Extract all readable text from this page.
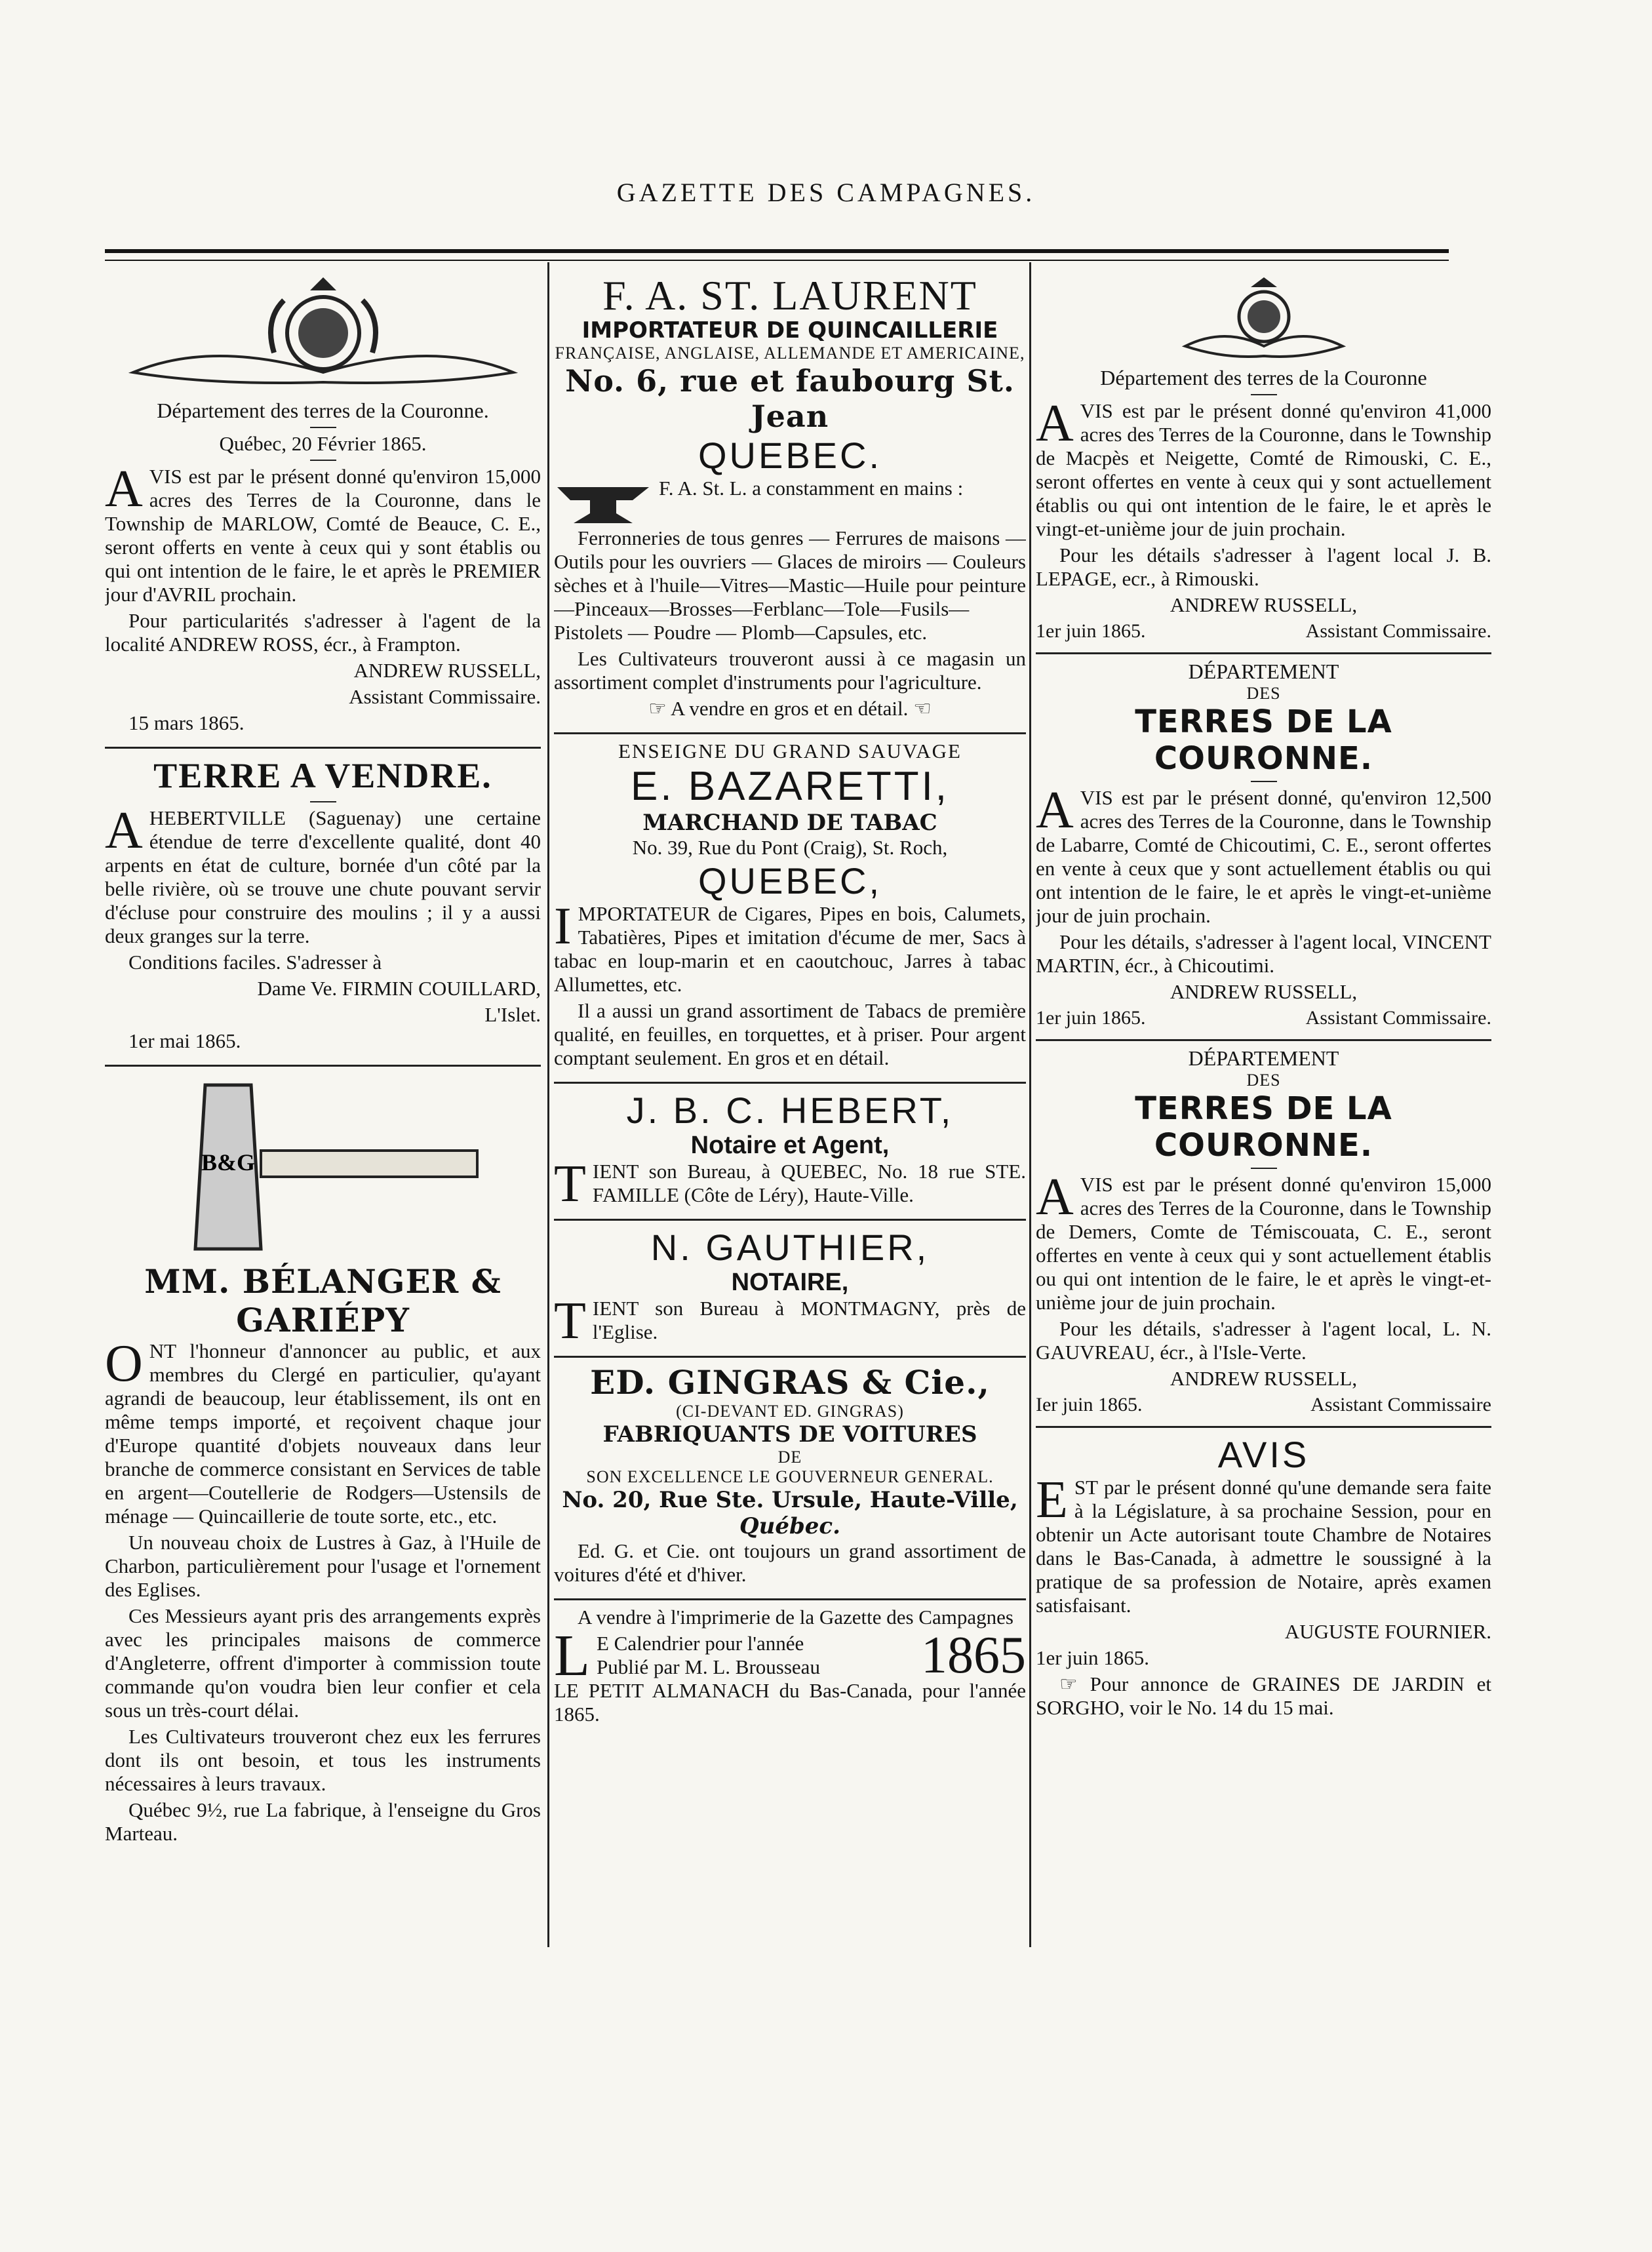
GAZETTE DES CAMPAGNES.
Département des terres de la Couronne.
Québec, 20 Février 1865.
A VIS est par le présent donné qu'environ 15,000 acres des Terres de la Couronne, dans le Township de MARLOW, Comté de Beauce, C. E., seront offerts en vente à ceux qui y sont établis ou qui ont intention de le faire, le et après le PREMIER jour d'AVRIL prochain.

Pour particularités s'adresser à l'agent de la localité ANDREW ROSS, écr., à Frampton.

ANDREW RUSSELL,

Assistant Commissaire.

15 mars 1865.

TERRE A VENDRE.
A HEBERTVILLE (Saguenay) une certaine étendue de terre d'excellente qualité, dont 40 arpents en état de culture, bornée d'un côté par la belle rivière, où se trouve une chute pouvant servir d'écluse pour construire des moulins ; il y a aussi deux granges sur la terre.

Conditions faciles. S'adresser à

Dame Ve. FIRMIN COUILLARD,

L'Islet.

1er mai 1865.

B&G
MM. BÉLANGER & GARIÉPY
O NT l'honneur d'annoncer au public, et aux membres du Clergé en particulier, qu'ayant agrandi de beaucoup, leur établissement, ils ont en même temps importé, et reçoivent chaque jour d'Europe quantité d'objets nouveaux dans leur branche de commerce consistant en Services de table en argent—Coutellerie de Rodgers—Ustensils de ménage — Quincaillerie de toute sorte, etc., etc.

Un nouveau choix de Lustres à Gaz, à l'Huile de Charbon, particulièrement pour l'usage et l'ornement des Eglises.

Ces Messieurs ayant pris des arrangements exprès avec les principales maisons de commerce d'Angleterre, offrent d'importer à commission toute commande qu'on voudra bien leur confier et cela sous un très-court délai.

Les Cultivateurs trouveront chez eux les ferrures dont ils ont besoin, et tous les instruments nécessaires à leurs travaux.

Québec 9½, rue La fabrique, à l'enseigne du Gros Marteau.

F. A. ST. LAURENT
IMPORTATEUR DE QUINCAILLERIE
FRANÇAISE, ANGLAISE, ALLEMANDE ET AMERICAINE,
No. 6, rue et faubourg St. Jean
QUEBEC.

F. A. St. L. a constamment en mains :

Ferronneries de tous genres — Ferrures de maisons — Outils pour les ouvriers — Glaces de miroirs — Couleurs sèches et à l'huile—Vitres—Mastic—Huile pour peinture—Pinceaux—Brosses—Ferblanc—Tole—Fusils—Pistolets — Poudre — Plomb—Capsules, etc.

Les Cultivateurs trouveront aussi à ce magasin un assortiment complet d'instruments pour l'agriculture.

☞ A vendre en gros et en détail. ☜

ENSEIGNE DU GRAND SAUVAGE
E. BAZARETTI,
MARCHAND DE TABAC
No. 39, Rue du Pont (Craig), St. Roch,
QUEBEC,
I MPORTATEUR de Cigares, Pipes en bois, Calumets, Tabatières, Pipes et imitation d'écume de mer, Sacs à tabac en loup-marin et en caoutchouc, Jarres à tabac Allumettes, etc.

Il a aussi un grand assortiment de Tabacs de première qualité, en feuilles, en torquettes, et à priser. Pour argent comptant seulement. En gros et en détail.

J. B. C. HEBERT,
Notaire et Agent,
T IENT son Bureau, à QUEBEC, No. 18 rue STE. FAMILLE (Côte de Léry), Haute-Ville.

N. GAUTHIER,
NOTAIRE,
T IENT son Bureau à MONTMAGNY, près de l'Eglise.

ED. GINGRAS & Cie.,
(CI-DEVANT ED. GINGRAS)
FABRIQUANTS DE VOITURES
DE
SON EXCELLENCE LE GOUVERNEUR GENERAL.
No. 20, Rue Ste. Ursule, Haute-Ville,
Québec.

Ed. G. et Cie. ont toujours un grand assortiment de voitures d'été et d'hiver.

A vendre à l'imprimerie de la Gazette des Campagnes

L E Calendrier pour l'année
Publié par M. L. Brousseau	1865

LE PETIT ALMANACH du Bas-Canada, pour l'année 1865.

Département des terres de la Couronne
A VIS est par le présent donné qu'environ 41,000 acres des Terres de la Couronne, dans le Township de Macpès et Neigette, Comté de Rimouski, C. E., seront offertes en vente à ceux qui y sont actuellement établis ou qui ont intention de le faire, le et après le vingt-et-unième jour de juin prochain.

Pour les détails s'adresser à l'agent local J. B. LEPAGE, ecr., à Rimouski.

ANDREW RUSSELL,

1er juin 1865.	Assistant Commissaire.
DÉPARTEMENT
DES
TERRES DE LA COURONNE.
A VIS est par le présent donné, qu'environ 12,500 acres des Terres de la Couronne, dans le Township de Labarre, Comté de Chicoutimi, C. E., seront offertes en vente à ceux que y sont actuellement établis ou qui ont intention de le faire, le et après le vingt-et-unième jour de juin prochain.

Pour les détails, s'adresser à l'agent local, VINCENT MARTIN, écr., à Chicoutimi.

ANDREW RUSSELL,

1er juin 1865.	Assistant Commissaire.
DÉPARTEMENT
DES
TERRES DE LA COURONNE.
A VIS est par le présent donné qu'environ 15,000 acres des Terres de la Couronne, dans le Township de Demers, Comte de Témiscouata, C. E., seront offertes en vente à ceux qui y sont actuellement établis ou qui ont intention de le faire, le et après le vingt-et-unième jour de juin prochain.

Pour les détails, s'adresser à l'agent local, L. N. GAUVREAU, écr., à l'Isle-Verte.

ANDREW RUSSELL,

Ier juin 1865.	Assistant Commissaire
AVIS
E ST par le présent donné qu'une demande sera faite à la Législature, à sa prochaine Session, pour en obtenir un Acte autorisant toute Chambre de Notaires dans le Bas-Canada, à admettre le soussigné à la pratique de sa profession de Notaire, après examen satisfaisant.

AUGUSTE FOURNIER.

1er juin 1865.

☞ Pour annonce de GRAINES DE JARDIN et SORGHO, voir le No. 14 du 15 mai.
